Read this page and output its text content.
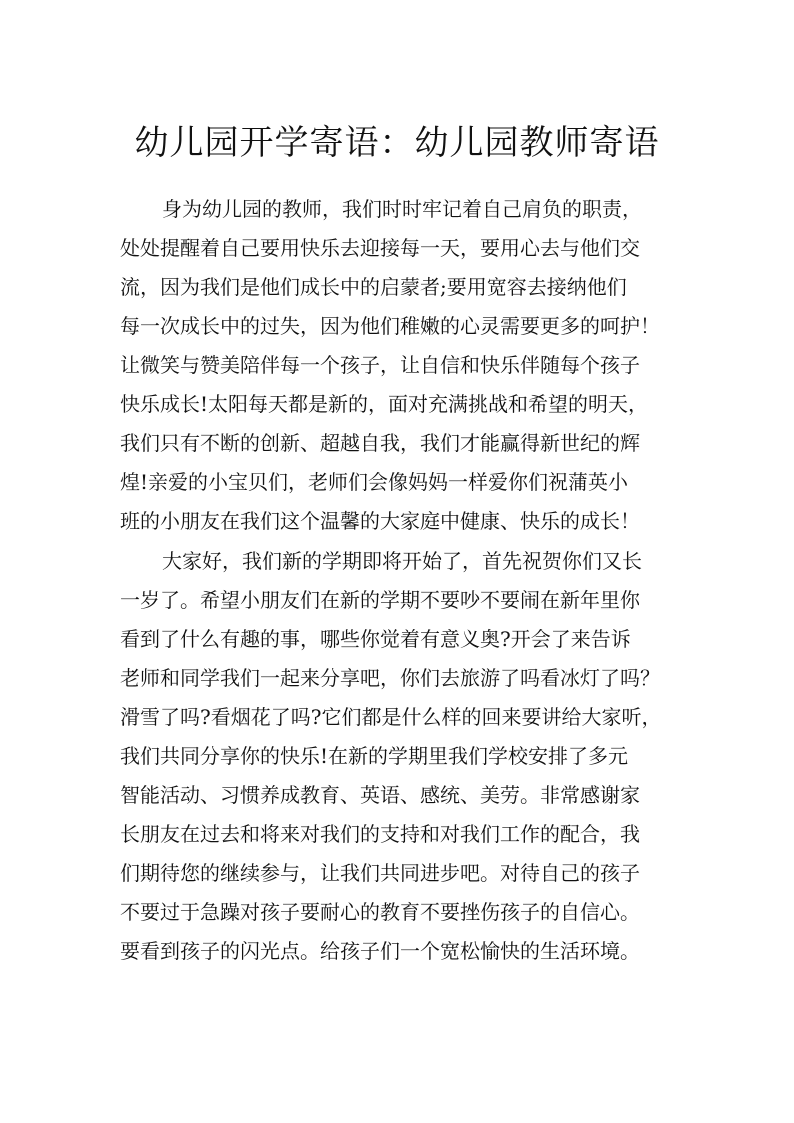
幼儿园开学寄语：幼儿园教师寄语
身为幼儿园的教师，我们时时牢记着自己肩负的职责，
处处提醒着自己要用快乐去迎接每一天，要用心去与他们交
流，因为我们是他们成长中的启蒙者;要用宽容去接纳他们
每一次成长中的过失，因为他们稚嫩的心灵需要更多的呵护！
让微笑与赞美陪伴每一个孩子，让自信和快乐伴随每个孩子
快乐成长!太阳每天都是新的，面对充满挑战和希望的明天，
我们只有不断的创新、超越自我，我们才能赢得新世纪的辉
煌!亲爱的小宝贝们，老师们会像妈妈一样爱你们祝蒲英小
班的小朋友在我们这个温馨的大家庭中健康、快乐的成长！
大家好，我们新的学期即将开始了，首先祝贺你们又长
一岁了。希望小朋友们在新的学期不要吵不要闹在新年里你
看到了什么有趣的事，哪些你觉着有意义奥?开会了来告诉
老师和同学我们一起来分享吧，你们去旅游了吗看冰灯了吗？
滑雪了吗?看烟花了吗?它们都是什么样的回来要讲给大家听，
我们共同分享你的快乐!在新的学期里我们学校安排了多元
智能活动、习惯养成教育、英语、感统、美劳。非常感谢家
长朋友在过去和将来对我们的支持和对我们工作的配合，我
们期待您的继续参与，让我们共同进步吧。对待自己的孩子
不要过于急躁对孩子要耐心的教育不要挫伤孩子的自信心。
要看到孩子的闪光点。给孩子们一个宽松愉快的生活环境。
